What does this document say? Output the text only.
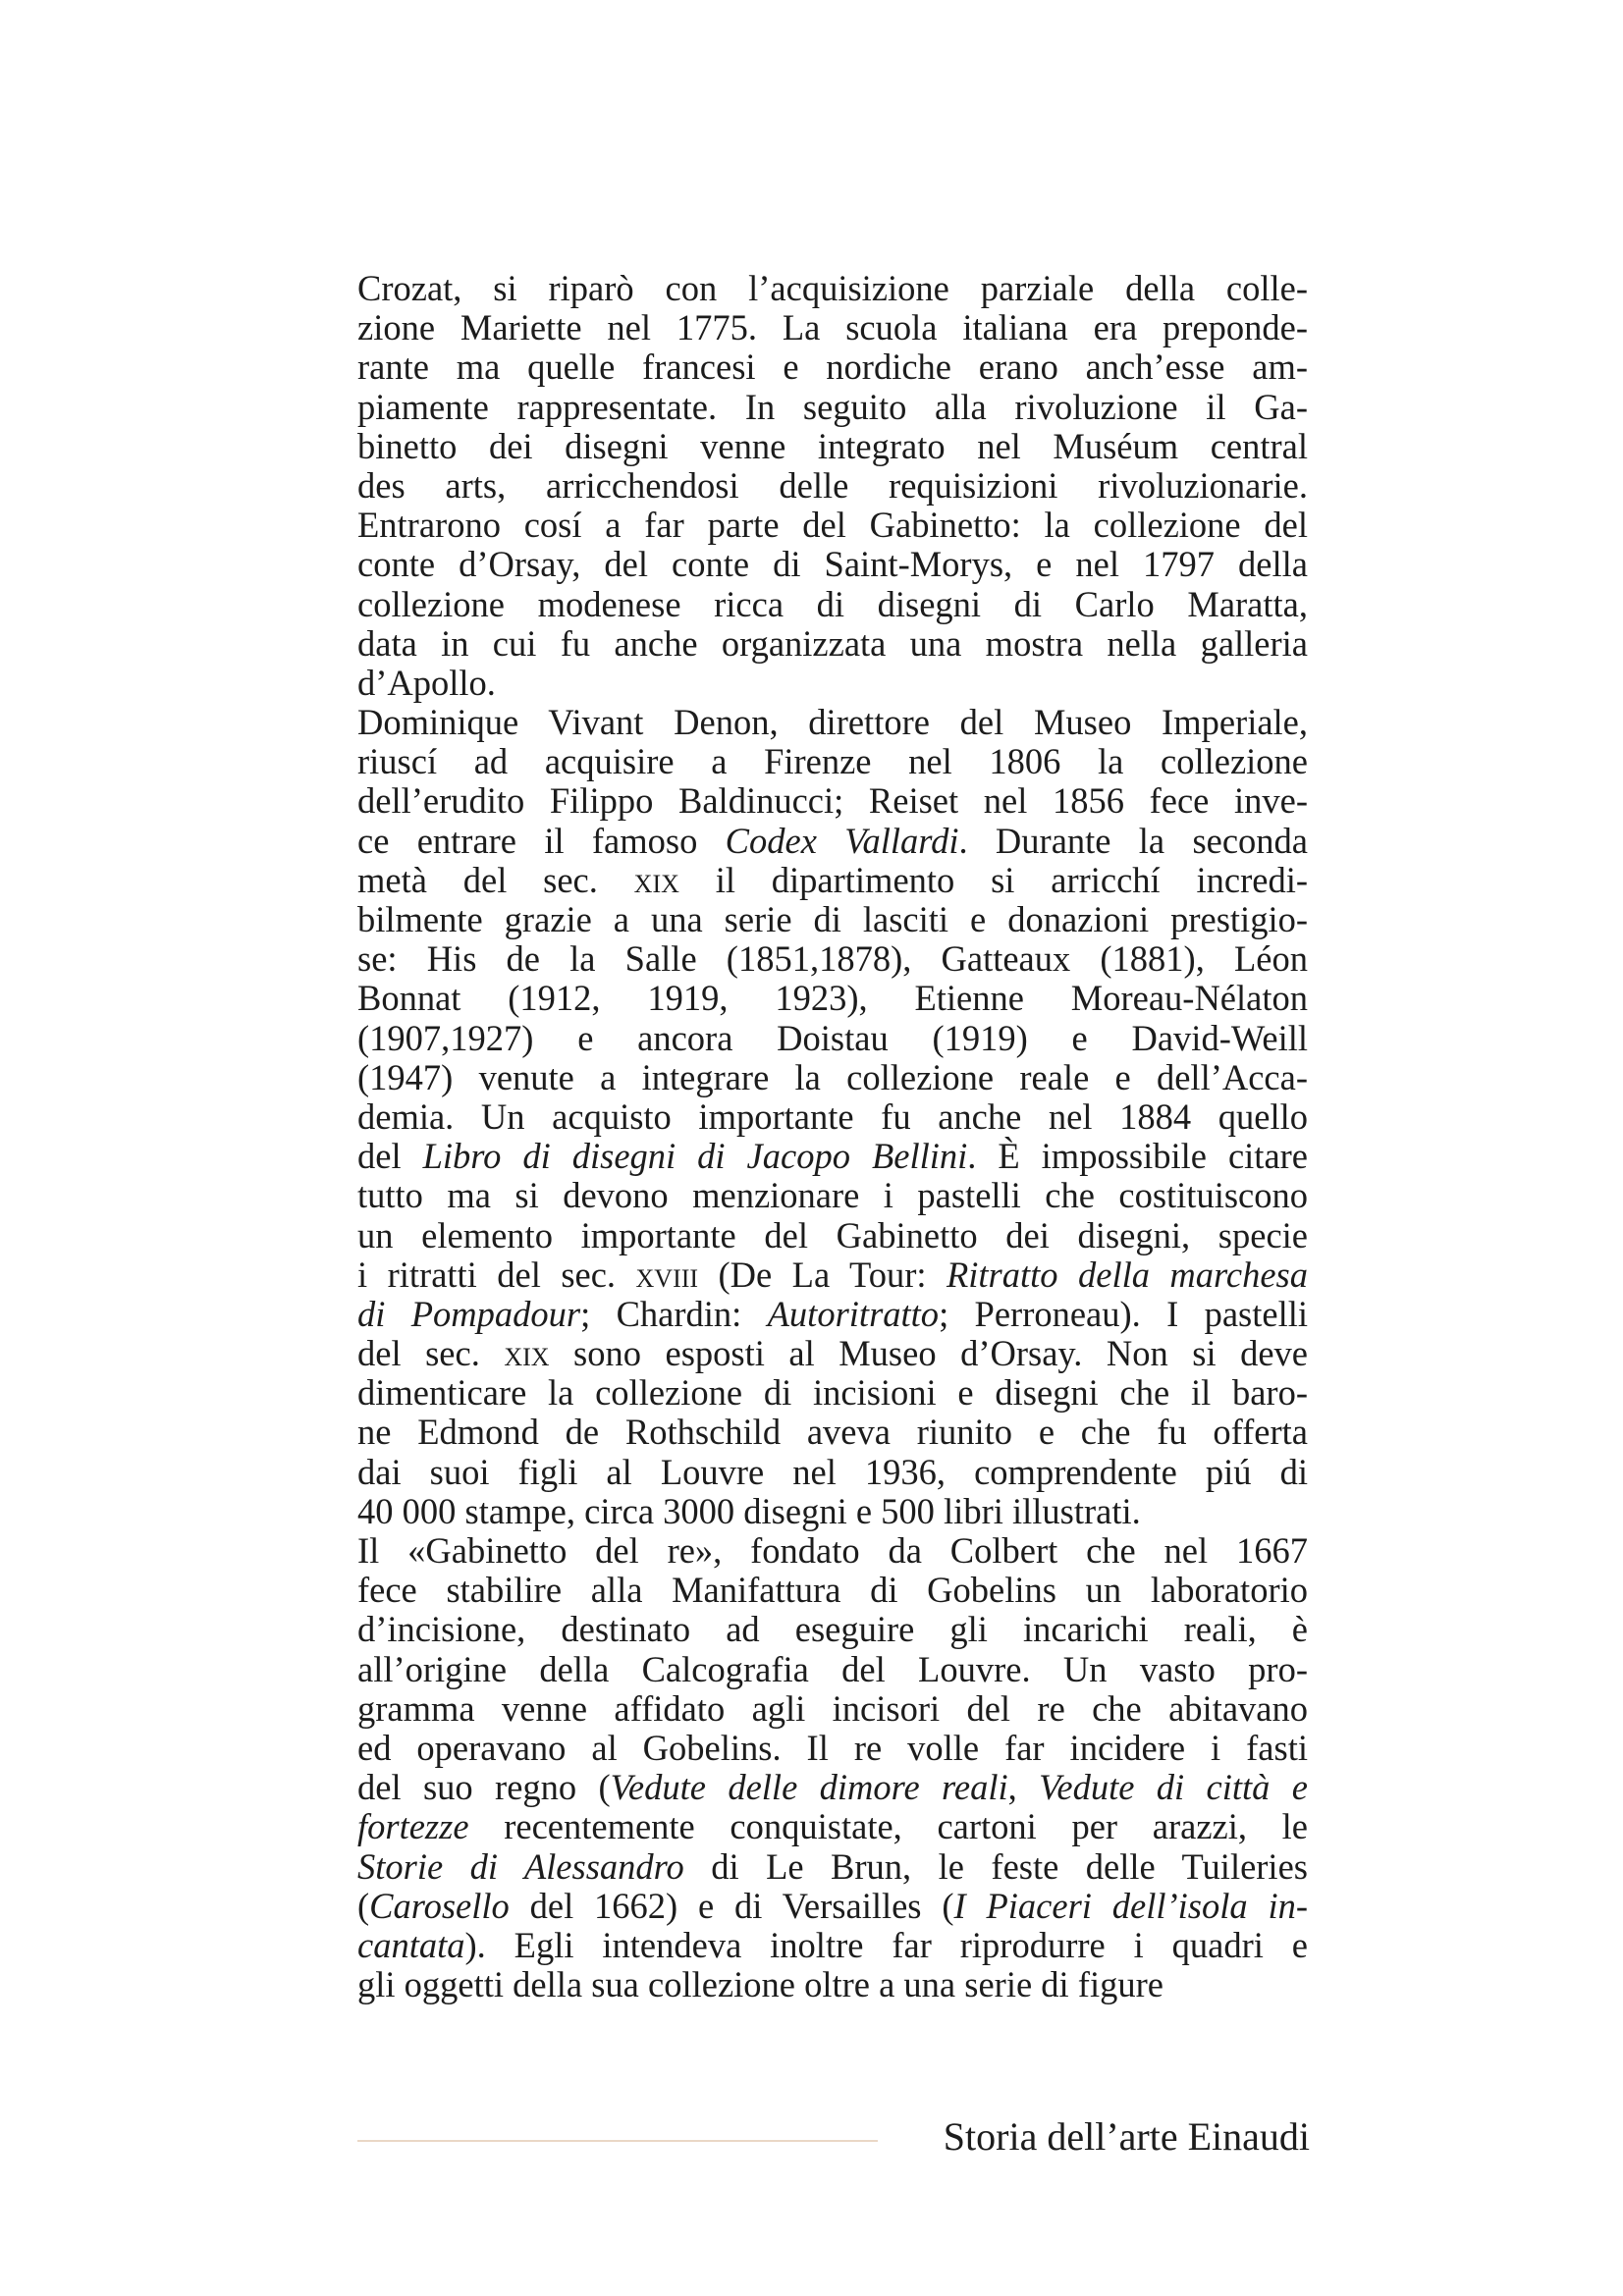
Crozat, si riparò con l’acquisizione parziale della colle-
zione Mariette nel 1775. La scuola italiana era preponde-
rante ma quelle francesi e nordiche erano anch’esse am-
piamente rappresentate. In seguito alla rivoluzione il Ga-
binetto dei disegni venne integrato nel Muséum central
des arts, arricchendosi delle requisizioni rivoluzionarie.
Entrarono cosí a far parte del Gabinetto: la collezione del
conte d’Orsay, del conte di Saint-Morys, e nel 1797 della
collezione modenese ricca di disegni di Carlo Maratta,
data in cui fu anche organizzata una mostra nella galleria
d’Apollo.
Dominique Vivant Denon, direttore del Museo Imperiale,
riuscí ad acquisire a Firenze nel 1806 la collezione
dell’erudito Filippo Baldinucci; Reiset nel 1856 fece inve-
ce entrare il famoso Codex Vallardi. Durante la seconda
metà del sec. xix il dipartimento si arricchí incredi-
bilmente grazie a una serie di lasciti e donazioni prestigio-
se: His de la Salle (1851,1878), Gatteaux (1881), Léon
Bonnat (1912, 1919, 1923), Etienne Moreau-Nélaton
(1907,1927) e ancora Doistau (1919) e David-Weill
(1947) venute a integrare la collezione reale e dell’Acca-
demia. Un acquisto importante fu anche nel 1884 quello
del Libro di disegni di Jacopo Bellini. È impossibile citare
tutto ma si devono menzionare i pastelli che costituiscono
un elemento importante del Gabinetto dei disegni, specie
i ritratti del sec. xviii (De La Tour: Ritratto della marchesa
di Pompadour; Chardin: Autoritratto; Perroneau). I pastelli
del sec. xix sono esposti al Museo d’Orsay. Non si deve
dimenticare la collezione di incisioni e disegni che il baro-
ne Edmond de Rothschild aveva riunito e che fu offerta
dai suoi figli al Louvre nel 1936, comprendente piú di
40 000 stampe, circa 3000 disegni e 500 libri illustrati.
Il «Gabinetto del re», fondato da Colbert che nel 1667
fece stabilire alla Manifattura di Gobelins un laboratorio
d’incisione, destinato ad eseguire gli incarichi reali, è
all’origine della Calcografia del Louvre. Un vasto pro-
gramma venne affidato agli incisori del re che abitavano
ed operavano al Gobelins. Il re volle far incidere i fasti
del suo regno (Vedute delle dimore reali, Vedute di città e
fortezze recentemente conquistate, cartoni per arazzi, le
Storie di Alessandro di Le Brun, le feste delle Tuileries
(Carosello del 1662) e di Versailles (I Piaceri dell’isola in-
cantata). Egli intendeva inoltre far riprodurre i quadri e
gli oggetti della sua collezione oltre a una serie di figure
Storia dell’arte Einaudi
